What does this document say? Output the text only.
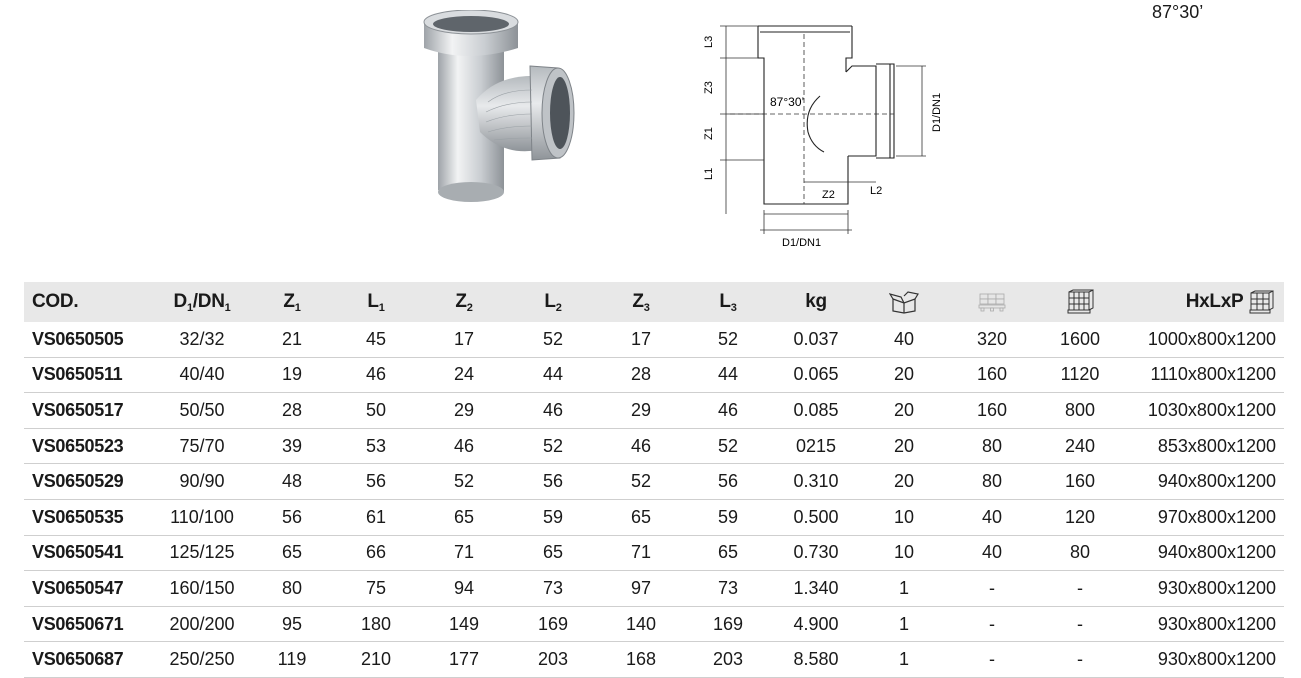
87°30’
L3
Z3
Z1
L1
Z2	L2
D1/DN1
D1/DN1
87°30’
COD.	$D_1/DN_1$	$Z_1$	$L_1$	$Z_2$	$L_2$	$Z_3$	$L_3$	kg				HxLxP
VS0650505	32/32	21	45	17	52	17	52	0.037	40	320	1600	1000x800x1200
VS0650511	40/40	19	46	24	44	28	44	0.065	20	160	1120	1110x800x1200
VS0650517	50/50	28	50	29	46	29	46	0.085	20	160	800	1030x800x1200
VS0650523	75/70	39	53	46	52	46	52	0215	20	80	240	853x800x1200
VS0650529	90/90	48	56	52	56	52	56	0.310	20	80	160	940x800x1200
VS0650535	110/100	56	61	65	59	65	59	0.500	10	40	120	970x800x1200
VS0650541	125/125	65	66	71	65	71	65	0.730	10	40	80	940x800x1200
VS0650547	160/150	80	75	94	73	97	73	1.340	1	-	-	930x800x1200
VS0650671	200/200	95	180	149	169	140	169	4.900	1	-	-	930x800x1200
VS0650687	250/250	119	210	177	203	168	203	8.580	1	-	-	930x800x1200
